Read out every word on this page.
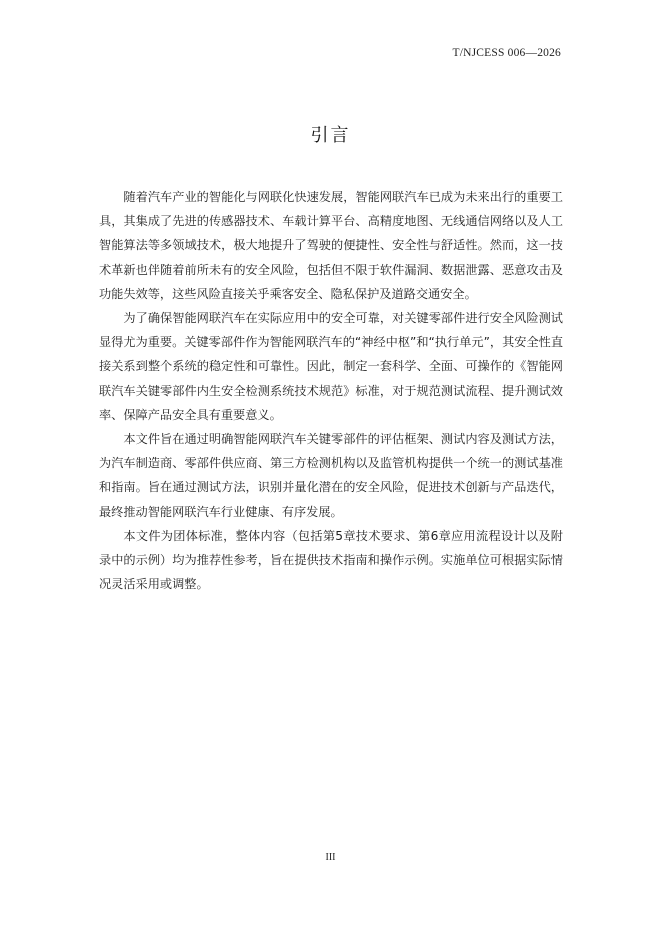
T/NJCESS 006—2026
引言

随着汽车产业的智能化与网联化快速发展，智能网联汽车已成为未来出行的重要工具，其集成了先进的传感器技术、车载计算平台、高精度地图、无线通信网络以及人工智能算法等多领域技术，极大地提升了驾驶的便捷性、安全性与舒适性。然而，这一技术革新也伴随着前所未有的安全风险，包括但不限于软件漏洞、数据泄露、恶意攻击及功能失效等，这些风险直接关乎乘客安全、隐私保护及道路交通安全。

为了确保智能网联汽车在实际应用中的安全可靠，对关键零部件进行安全风险测试显得尤为重要。关键零部件作为智能网联汽车的“神经中枢”和“执行单元”，其安全性直接关系到整个系统的稳定性和可靠性。因此，制定一套科学、全面、可操作的《智能网联汽车关键零部件内生安全检测系统技术规范》标准，对于规范测试流程、提升测试效率、保障产品安全具有重要意义。

本文件旨在通过明确智能网联汽车关键零部件的评估框架、测试内容及测试方法，为汽车制造商、零部件供应商、第三方检测机构以及监管机构提供一个统一的测试基准和指南。旨在通过测试方法，识别并量化潜在的安全风险，促进技术创新与产品迭代，最终推动智能网联汽车行业健康、有序发展。

本文件为团体标准，整体内容（包括第5章技术要求、第6章应用流程设计以及附录中的示例）均为推荐性参考，旨在提供技术指南和操作示例。实施单位可根据实际情况灵活采用或调整。

III
